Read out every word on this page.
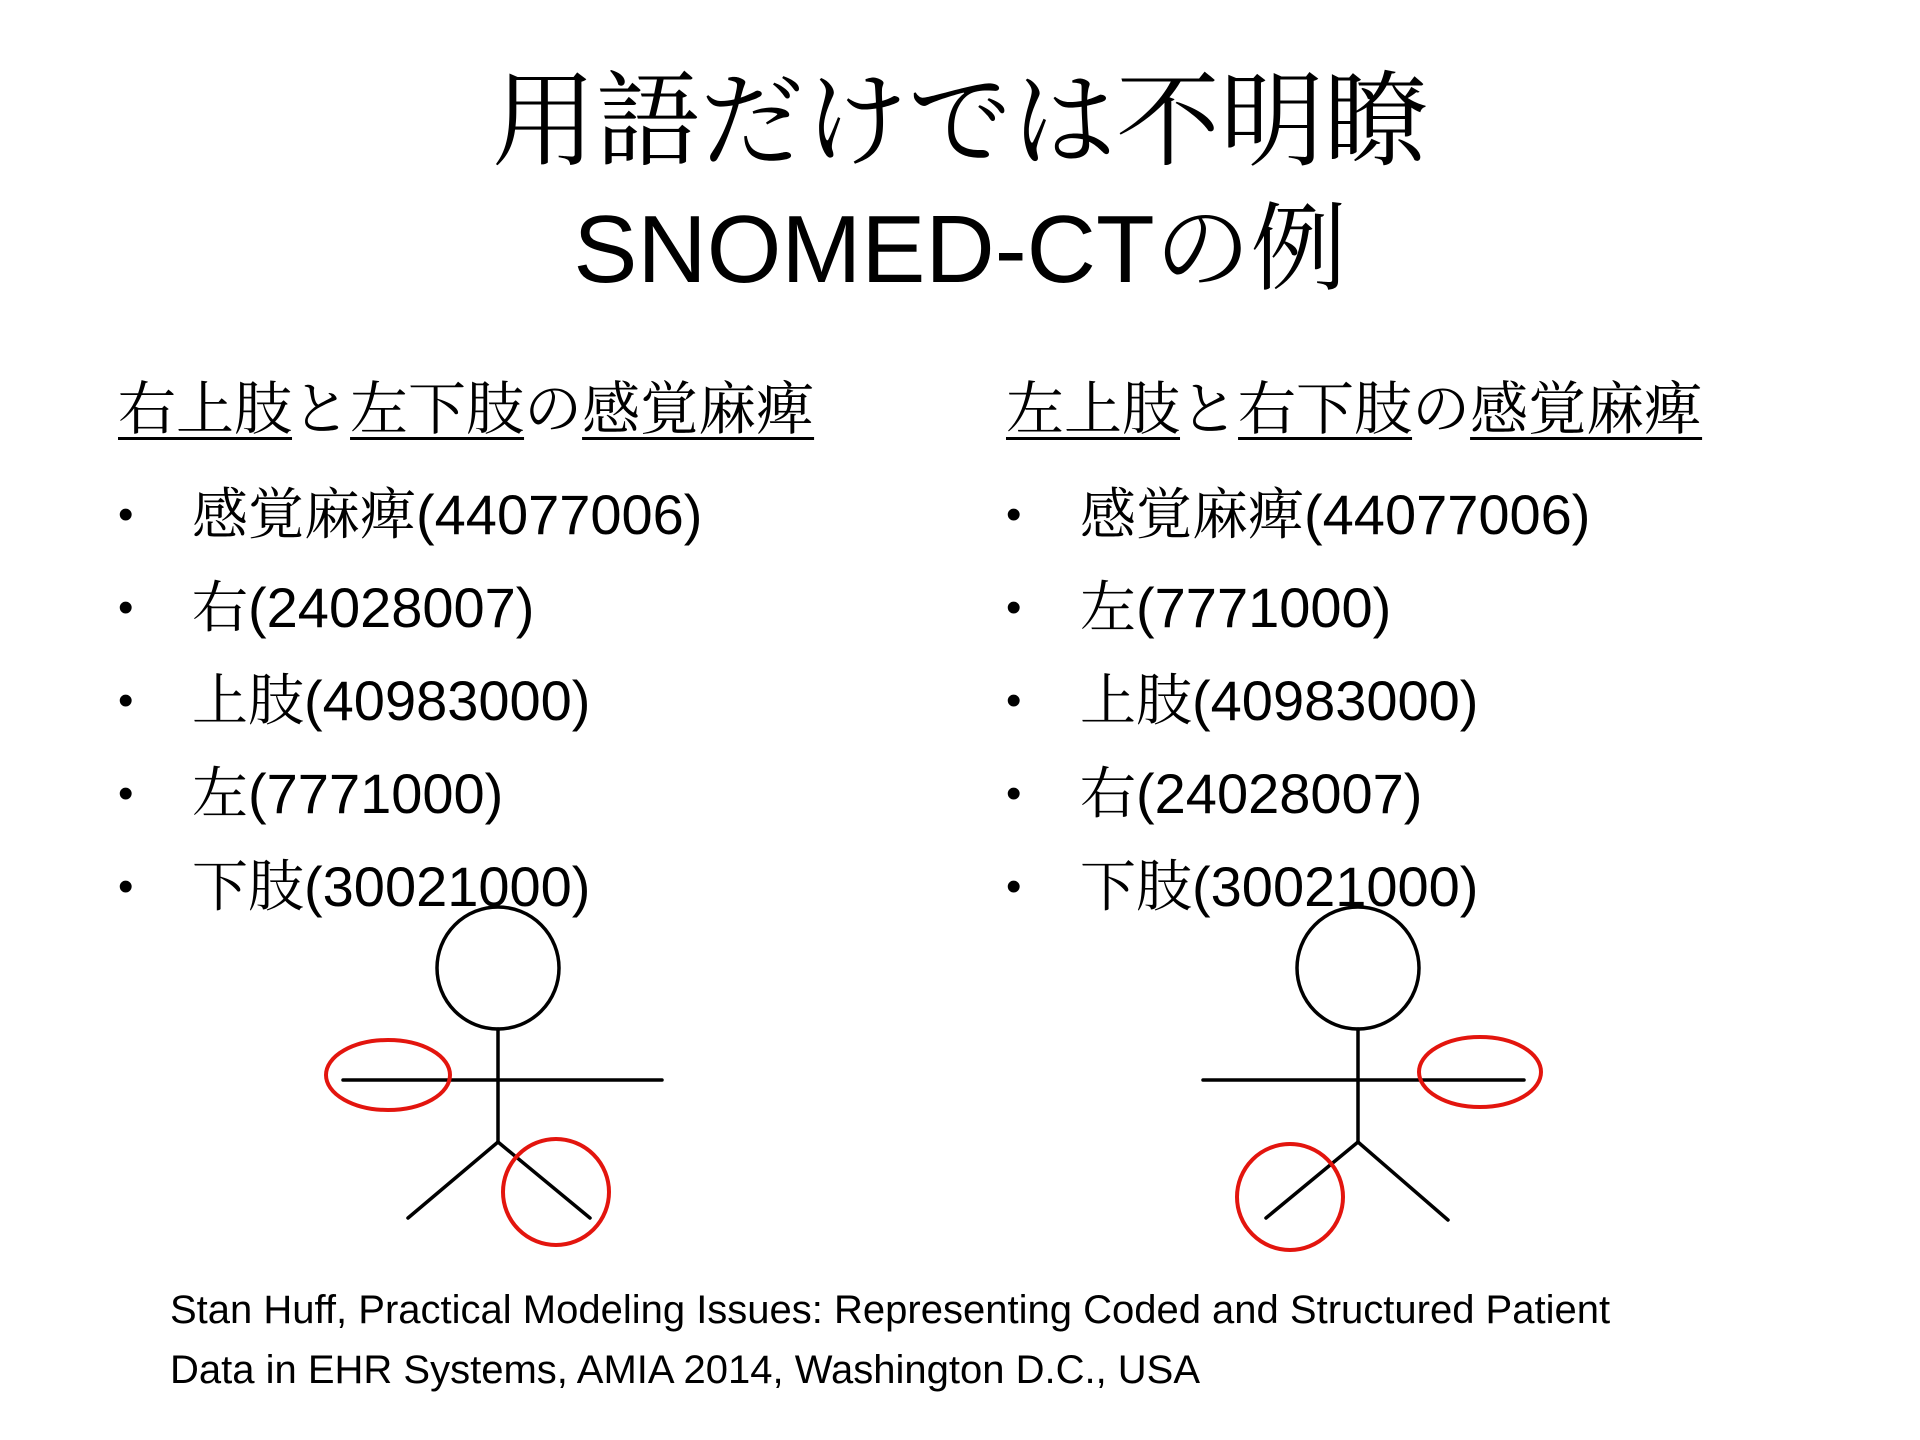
用語だけでは不明瞭
SNOMED-CTの例
右上肢と左下肢の感覚麻痺
• 感覚麻痺(44077006)
• 右(24028007)
• 上肢(40983000)
• 左(7771000)
• 下肢(30021000)
左上肢と右下肢の感覚麻痺
• 感覚麻痺(44077006)
• 左(7771000)
• 上肢(40983000)
• 右(24028007)
• 下肢(30021000)
Stan Huff, Practical Modeling Issues: Representing Coded and Structured Patient
Data in EHR Systems, AMIA 2014, Washington D.C., USA
